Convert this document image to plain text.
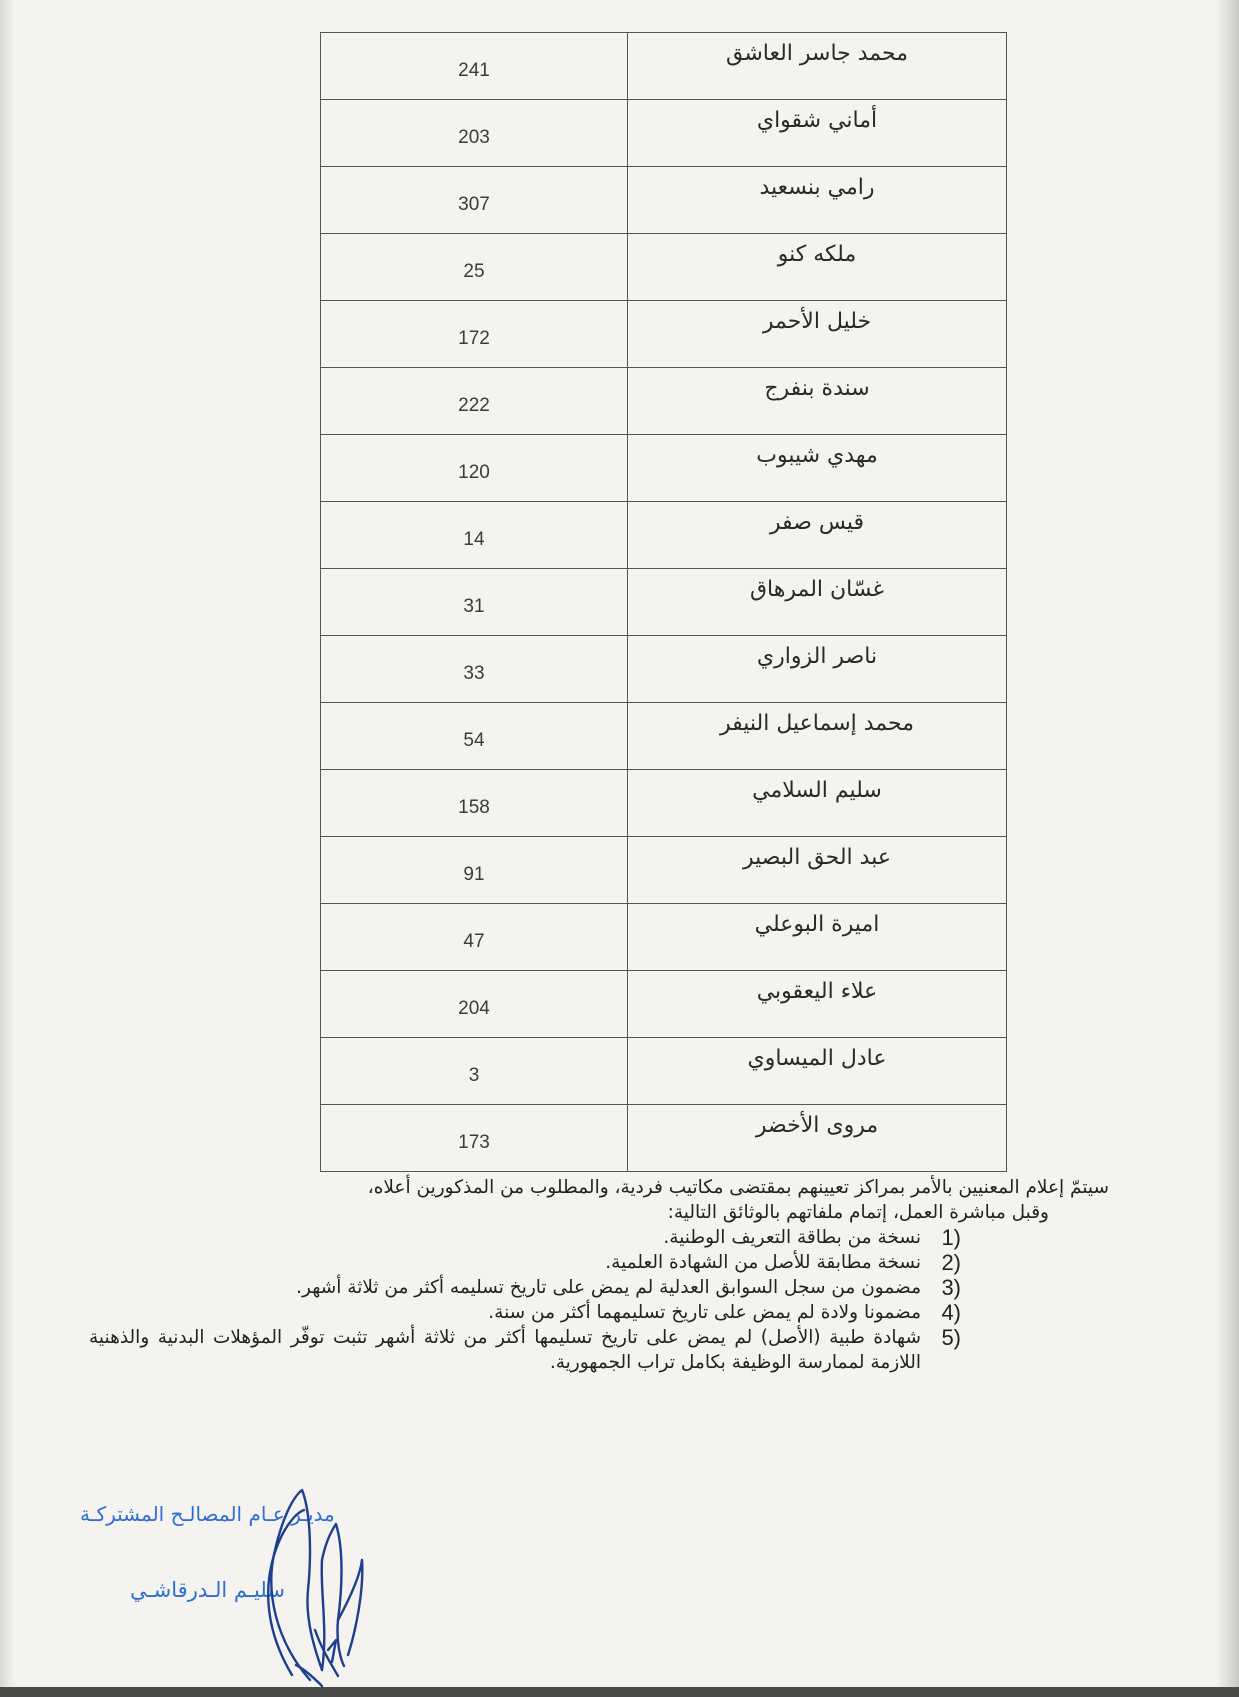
محمد جاسر العاشق	241
أماني شقواي	203
رامي بنسعيد	307
ملكه كنو	25
خليل الأحمر	172
سندة بنفرج	222
مهدي شيبوب	120
قيس صفر	14
غسّان المرهاق	31
ناصر الزواري	33
محمد إسماعيل النيفر	54
سليم السلامي	158
عبد الحق البصير	91
اميرة البوعلي	47
علاء اليعقوبي	204
عادل الميساوي	3
مروى الأخضر	173

سيتمّ إعلام المعنيين بالأمر بمراكز تعيينهم بمقتضى مكاتيب فردية، والمطلوب من المذكورين أعلاه،

وقبل مباشرة العمل، إتمام ملفاتهم بالوثائق التالية:

1)
نسخة من بطاقة التعريف الوطنية.
2)
نسخة مطابقة للأصل من الشهادة العلمية.
3)
مضمون من سجل السوابق العدلية لم يمض على تاريخ تسليمه أكثر من ثلاثة أشهر.
4)
مضمونا ولادة لم يمض على تاريخ تسليمهما أكثر من سنة.
5)
شهادة طبية (الأصل) لم يمض على تاريخ تسليمها أكثر من ثلاثة أشهر تثبت توفّر المؤهلات البدنية والذهنية اللازمة لممارسة الوظيفة بكامل تراب الجمهورية.
مديـر عـام المصالـح المشتركـة
سليـم الـدرقاشـي
